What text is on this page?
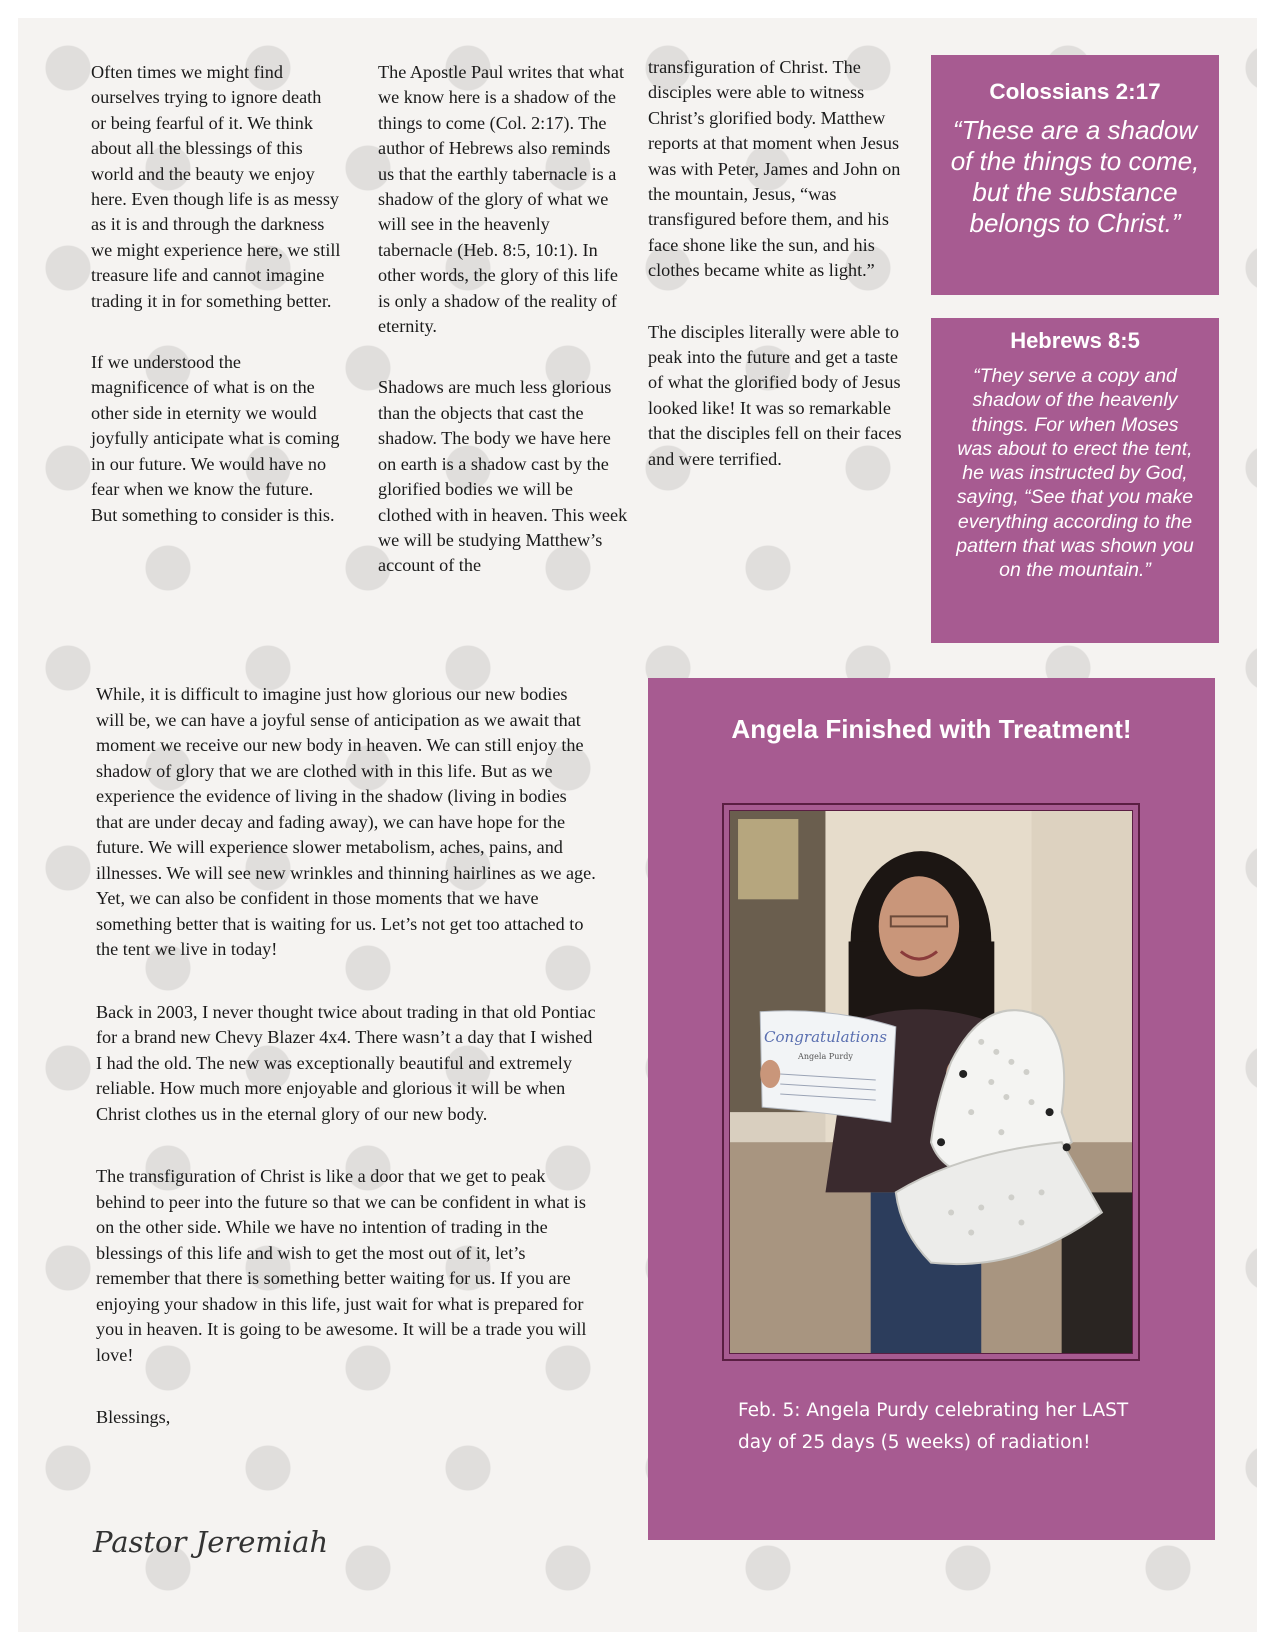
Often times we might find ourselves trying to ignore death or being fearful of it. We think about all the blessings of this world and the beauty we enjoy here. Even though life is as messy as it is and through the darkness we might experience here, we still treasure life and cannot imagine trading it in for something better.

If we understood the magnificence of what is on the other side in eternity we would joyfully anticipate what is coming in our future. We would have no fear when we know the future. But something to consider is this.

The Apostle Paul writes that what we know here is a shadow of the things to come (Col. 2:17). The author of Hebrews also reminds us that the earthly tabernacle is a shadow of the glory of what we will see in the heavenly tabernacle (Heb. 8:5, 10:1). In other words, the glory of this life is only a shadow of the reality of eternity.

Shadows are much less glorious than the objects that cast the shadow. The body we have here on earth is a shadow cast by the glorified bodies we will be clothed with in heaven. This week we will be studying Matthew’s account of the

transfiguration of Christ. The disciples were able to witness Christ’s glorified body. Matthew reports at that moment when Jesus was with Peter, James and John on the mountain, Jesus, “was transfigured before them, and his face shone like the sun, and his clothes became white as light.”

The disciples literally were able to peak into the future and get a taste of what the glorified body of Jesus looked like! It was so remarkable that the disciples fell on their faces and were terrified.

Colossians 2:17
“These are a shadow of the things to come, but the substance belongs to Christ.”
Hebrews 8:5
“They serve a copy and shadow of the heavenly things. For when Moses was about to erect the tent, he was instructed by God, saying, “See that you make everything according to the pattern that was shown you on the mountain.”

While, it is difficult to imagine just how glorious our new bodies will be, we can have a joyful sense of anticipation as we await that moment we receive our new body in heaven. We can still enjoy the shadow of glory that we are clothed with in this life. But as we experience the evidence of living in the shadow (living in bodies that are under decay and fading away), we can have hope for the future. We will experience slower metabolism, aches, pains, and illnesses. We will see new wrinkles and thinning hairlines as we age. Yet, we can also be confident in those moments that we have something better that is waiting for us. Let’s not get too attached to the tent we live in today!

Back in 2003, I never thought twice about trading in that old Pontiac for a brand new Chevy Blazer 4x4. There wasn’t a day that I wished I had the old. The new was exceptionally beautiful and extremely reliable. How much more enjoyable and glorious it will be when Christ clothes us in the eternal glory of our new body.

The transfiguration of Christ is like a door that we get to peak behind to peer into the future so that we can be confident in what is on the other side. While we have no intention of trading in the blessings of this life and wish to get the most out of it, let’s remember that there is something better waiting for us. If you are enjoying your shadow in this life, just wait for what is prepared for you in heaven. It is going to be awesome. It will be a trade you will love!

Blessings,

Pastor Jeremiah
Angela Finished with Treatment!
Congratulations
Angela Purdy
Feb. 5: Angela Purdy celebrating her LAST
day of 25 days (5 weeks) of radiation!
